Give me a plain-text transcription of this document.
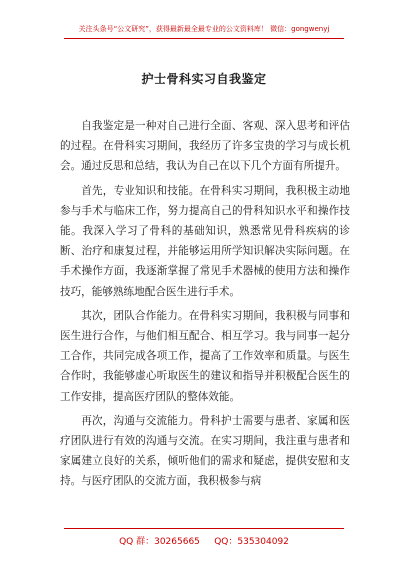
关注头条号“公文研究”，获得最新最全最专业的公文资料库！ 微信：gongwenyj
护士骨科实习自我鉴定

自我鉴定是一种对自己进行全面、客观、深入思考和评估的过程。在骨科实习期间，我经历了许多宝贵的学习与成长机会。通过反思和总结，我认为自己在以下几个方面有所提升。

首先，专业知识和技能。在骨科实习期间，我积极主动地参与手术与临床工作，努力提高自己的骨科知识水平和操作技能。我深入学习了骨科的基础知识，熟悉常见骨科疾病的诊断、治疗和康复过程，并能够运用所学知识解决实际问题。在手术操作方面，我逐渐掌握了常见手术器械的使用方法和操作技巧，能够熟练地配合医生进行手术。

其次，团队合作能力。在骨科实习期间，我积极与同事和医生进行合作，与他们相互配合、相互学习。我与同事一起分工合作，共同完成各项工作，提高了工作效率和质量。与医生合作时，我能够虚心听取医生的建议和指导并积极配合医生的工作安排，提高医疗团队的整体效能。

再次，沟通与交流能力。骨科护士需要与患者、家属和医疗团队进行有效的沟通与交流。在实习期间，我注重与患者和家属建立良好的关系，倾听他们的需求和疑虑，提供安慰和支持。与医疗团队的交流方面，我积极参与病

QQ 群：30265665     QQ：535304092
